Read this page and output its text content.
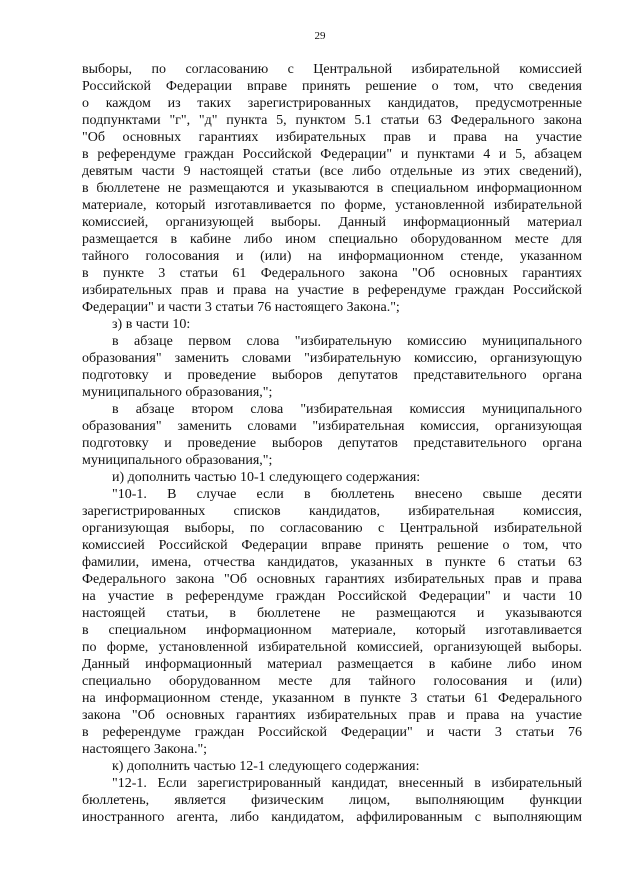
29
выборы, по согласованию с Центральной избирательной комиссией
Российской Федерации вправе принять решение о том, что сведения
о каждом из таких зарегистрированных кандидатов, предусмотренные
подпунктами "г", "д" пункта 5, пунктом 5.1 статьи 63 Федерального закона
"Об основных гарантиях избирательных прав и права на участие
в референдуме граждан Российской Федерации" и пунктами 4 и 5, абзацем
девятым части 9 настоящей статьи (все либо отдельные из этих сведений),
в бюллетене не размещаются и указываются в специальном информационном
материале, который изготавливается по форме, установленной избирательной
комиссией, организующей выборы. Данный информационный материал
размещается в кабине либо ином специально оборудованном месте для
тайного голосования и (или) на информационном стенде, указанном
в пункте 3 статьи 61 Федерального закона "Об основных гарантиях
избирательных прав и права на участие в референдуме граждан Российской
Федерации" и части 3 статьи 76 настоящего Закона.";
з) в части 10:
в абзаце первом слова "избирательную комиссию муниципального
образования" заменить словами "избирательную комиссию, организующую
подготовку и проведение выборов депутатов представительного органа
муниципального образования,";
в абзаце втором слова "избирательная комиссия муниципального
образования" заменить словами "избирательная комиссия, организующая
подготовку и проведение выборов депутатов представительного органа
муниципального образования,";
и) дополнить частью 10-1 следующего содержания:
"10-1. В случае если в бюллетень внесено свыше десяти
зарегистрированных списков кандидатов, избирательная комиссия,
организующая выборы, по согласованию с Центральной избирательной
комиссией Российской Федерации вправе принять решение о том, что
фамилии, имена, отчества кандидатов, указанных в пункте 6 статьи 63
Федерального закона "Об основных гарантиях избирательных прав и права
на участие в референдуме граждан Российской Федерации" и части 10
настоящей статьи, в бюллетене не размещаются и указываются
в специальном информационном материале, который изготавливается
по форме, установленной избирательной комиссией, организующей выборы.
Данный информационный материал размещается в кабине либо ином
специально оборудованном месте для тайного голосования и (или)
на информационном стенде, указанном в пункте 3 статьи 61 Федерального
закона "Об основных гарантиях избирательных прав и права на участие
в референдуме граждан Российской Федерации" и части 3 статьи 76
настоящего Закона.";
к) дополнить частью 12-1 следующего содержания:
"12-1. Если зарегистрированный кандидат, внесенный в избирательный
бюллетень, является физическим лицом, выполняющим функции
иностранного агента, либо кандидатом, аффилированным с выполняющим
